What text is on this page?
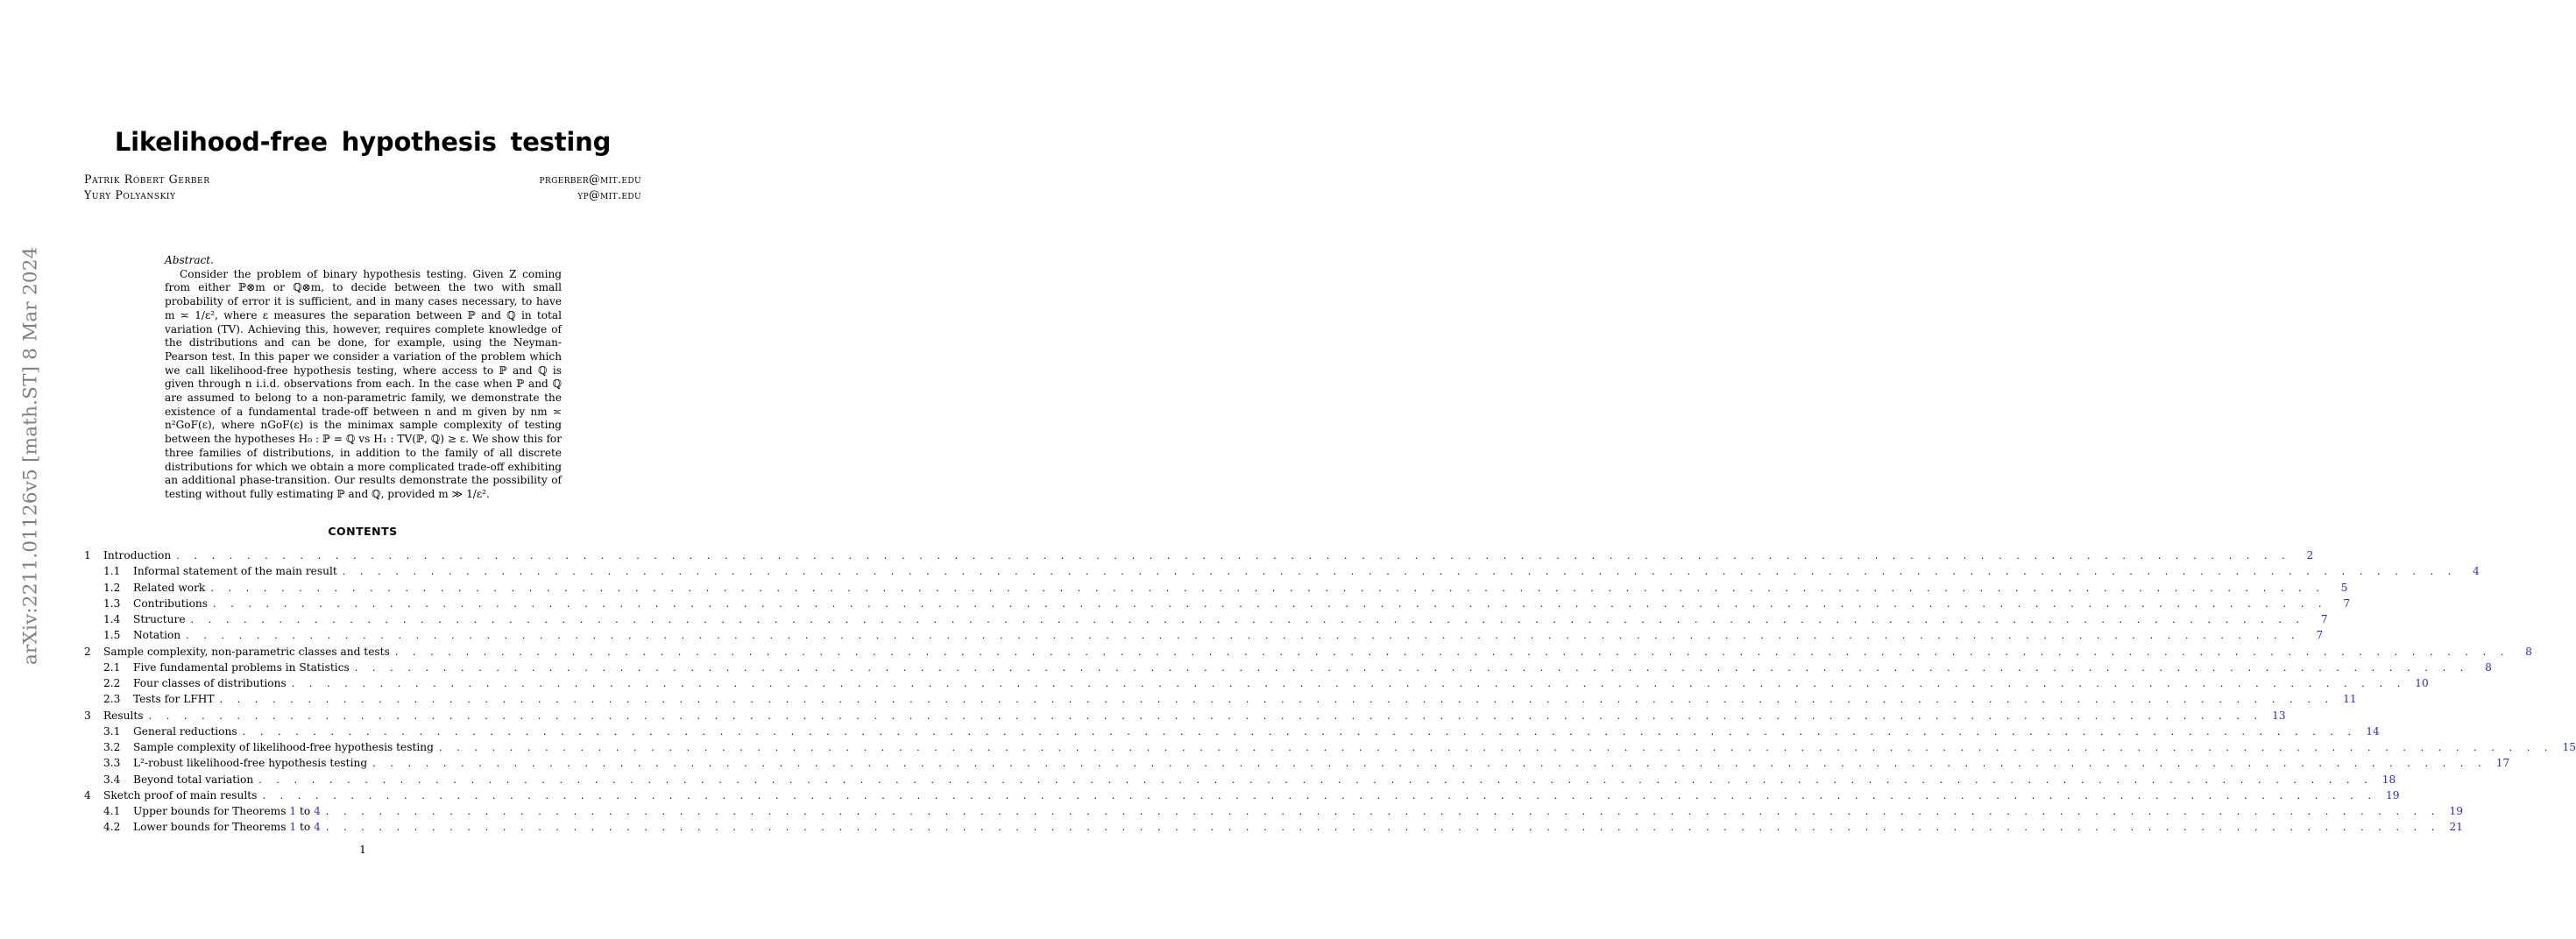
arXiv:2211.01126v5 [math.ST] 8 Mar 2024
Likelihood-free hypothesis testing
Patrik Róbert Gerber	prgerber@mit.edu
Yury Polyanskiy	yp@mit.edu
Abstract.

Consider the problem of binary hypothesis testing. Given Z coming from either ℙ⊗m or ℚ⊗m, to decide between the two with small probability of error it is sufficient, and in many cases necessary, to have m ≍ 1/ε², where ε measures the separation between ℙ and ℚ in total variation (TV). Achieving this, however, requires complete knowledge of the distributions and can be done, for example, using the Neyman-Pearson test. In this paper we consider a variation of the problem which we call likelihood-free hypothesis testing, where access to ℙ and ℚ is given through n i.i.d. observations from each. In the case when ℙ and ℚ are assumed to belong to a non-parametric family, we demonstrate the existence of a fundamental trade-off between n and m given by nm ≍ n²GoF(ε), where nGoF(ε) is the minimax sample complexity of testing between the hypotheses H₀ : ℙ = ℚ vs H₁ : TV(ℙ, ℚ) ≥ ε. We show this for three families of distributions, in addition to the family of all discrete distributions for which we obtain a more complicated trade-off exhibiting an additional phase-transition. Our results demonstrate the possibility of testing without fully estimating ℙ and ℚ, provided m ≫ 1/ε².

CONTENTS
1	Introduction . . . . . . . . . . . . . . . . . . . . . . . . . . . . . . . . . . . . . . . . . . . . . . . . . . . . . . . . . . . . . . . . . . . . . . . . . . . . . . . . . . . . . . . . . . . . . . . . . . . . . . . . . . . . . . . . . . . . . . . .	2
1.1	Informal statement of the main result . . . . . . . . . . . . . . . . . . . . . . . . . . . . . . . . . . . . . . . . . . . . . . . . . . . . . . . . . . . . . . . . . . . . . . . . . . . . . . . . . . . . . . . . . . . . . . . . . . . . . . . . . . . . . . . . . . . . . . . .	4
1.2	Related work . . . . . . . . . . . . . . . . . . . . . . . . . . . . . . . . . . . . . . . . . . . . . . . . . . . . . . . . . . . . . . . . . . . . . . . . . . . . . . . . . . . . . . . . . . . . . . . . . . . . . . . . . . . . . . . . . . . . . . . .	5
1.3	Contributions . . . . . . . . . . . . . . . . . . . . . . . . . . . . . . . . . . . . . . . . . . . . . . . . . . . . . . . . . . . . . . . . . . . . . . . . . . . . . . . . . . . . . . . . . . . . . . . . . . . . . . . . . . . . . . . . . . . . . . . .	7
1.4	Structure . . . . . . . . . . . . . . . . . . . . . . . . . . . . . . . . . . . . . . . . . . . . . . . . . . . . . . . . . . . . . . . . . . . . . . . . . . . . . . . . . . . . . . . . . . . . . . . . . . . . . . . . . . . . . . . . . . . . . . . .	7
1.5	Notation . . . . . . . . . . . . . . . . . . . . . . . . . . . . . . . . . . . . . . . . . . . . . . . . . . . . . . . . . . . . . . . . . . . . . . . . . . . . . . . . . . . . . . . . . . . . . . . . . . . . . . . . . . . . . . . . . . . . . . . .	7
2	Sample complexity, non-parametric classes and tests . . . . . . . . . . . . . . . . . . . . . . . . . . . . . . . . . . . . . . . . . . . . . . . . . . . . . . . . . . . . . . . . . . . . . . . . . . . . . . . . . . . . . . . . . . . . . . . . . . . . . . . . . . . . . . . . . . . . . . . .	8
2.1	Five fundamental problems in Statistics . . . . . . . . . . . . . . . . . . . . . . . . . . . . . . . . . . . . . . . . . . . . . . . . . . . . . . . . . . . . . . . . . . . . . . . . . . . . . . . . . . . . . . . . . . . . . . . . . . . . . . . . . . . . . . . . . . . . . . . .	8
2.2	Four classes of distributions . . . . . . . . . . . . . . . . . . . . . . . . . . . . . . . . . . . . . . . . . . . . . . . . . . . . . . . . . . . . . . . . . . . . . . . . . . . . . . . . . . . . . . . . . . . . . . . . . . . . . . . . . . . . . . . . . . . . . . . . 10
2.3	Tests for LFHT . . . . . . . . . . . . . . . . . . . . . . . . . . . . . . . . . . . . . . . . . . . . . . . . . . . . . . . . . . . . . . . . . . . . . . . . . . . . . . . . . . . . . . . . . . . . . . . . . . . . . . . . . . . . . . . . . . . . . . . . 11
3	Results . . . . . . . . . . . . . . . . . . . . . . . . . . . . . . . . . . . . . . . . . . . . . . . . . . . . . . . . . . . . . . . . . . . . . . . . . . . . . . . . . . . . . . . . . . . . . . . . . . . . . . . . . . . . . . . . . . . . . . . . 13
3.1	General reductions . . . . . . . . . . . . . . . . . . . . . . . . . . . . . . . . . . . . . . . . . . . . . . . . . . . . . . . . . . . . . . . . . . . . . . . . . . . . . . . . . . . . . . . . . . . . . . . . . . . . . . . . . . . . . . . . . . . . . . . . 14
3.2	Sample complexity of likelihood-free hypothesis testing . . . . . . . . . . . . . . . . . . . . . . . . . . . . . . . . . . . . . . . . . . . . . . . . . . . . . . . . . . . . . . . . . . . . . . . . . . . . . . . . . . . . . . . . . . . . . . . . . . . . . . . . . . . . . . . . . . . . . . . . 15
3.3	L²-robust likelihood-free hypothesis testing . . . . . . . . . . . . . . . . . . . . . . . . . . . . . . . . . . . . . . . . . . . . . . . . . . . . . . . . . . . . . . . . . . . . . . . . . . . . . . . . . . . . . . . . . . . . . . . . . . . . . . . . . . . . . . . . . . . . . . . . 17
3.4	Beyond total variation . . . . . . . . . . . . . . . . . . . . . . . . . . . . . . . . . . . . . . . . . . . . . . . . . . . . . . . . . . . . . . . . . . . . . . . . . . . . . . . . . . . . . . . . . . . . . . . . . . . . . . . . . . . . . . . . . . . . . . . . 18
4	Sketch proof of main results . . . . . . . . . . . . . . . . . . . . . . . . . . . . . . . . . . . . . . . . . . . . . . . . . . . . . . . . . . . . . . . . . . . . . . . . . . . . . . . . . . . . . . . . . . . . . . . . . . . . . . . . . . . . . . . . . . . . . . . . 19
4.1	Upper bounds for Theorems 1 to 4 . . . . . . . . . . . . . . . . . . . . . . . . . . . . . . . . . . . . . . . . . . . . . . . . . . . . . . . . . . . . . . . . . . . . . . . . . . . . . . . . . . . . . . . . . . . . . . . . . . . . . . . . . . . . . . . . . . . . . . . . 19
4.2	Lower bounds for Theorems 1 to 4 . . . . . . . . . . . . . . . . . . . . . . . . . . . . . . . . . . . . . . . . . . . . . . . . . . . . . . . . . . . . . . . . . . . . . . . . . . . . . . . . . . . . . . . . . . . . . . . . . . . . . . . . . . . . . . . . . . . . . . . . 21
1
